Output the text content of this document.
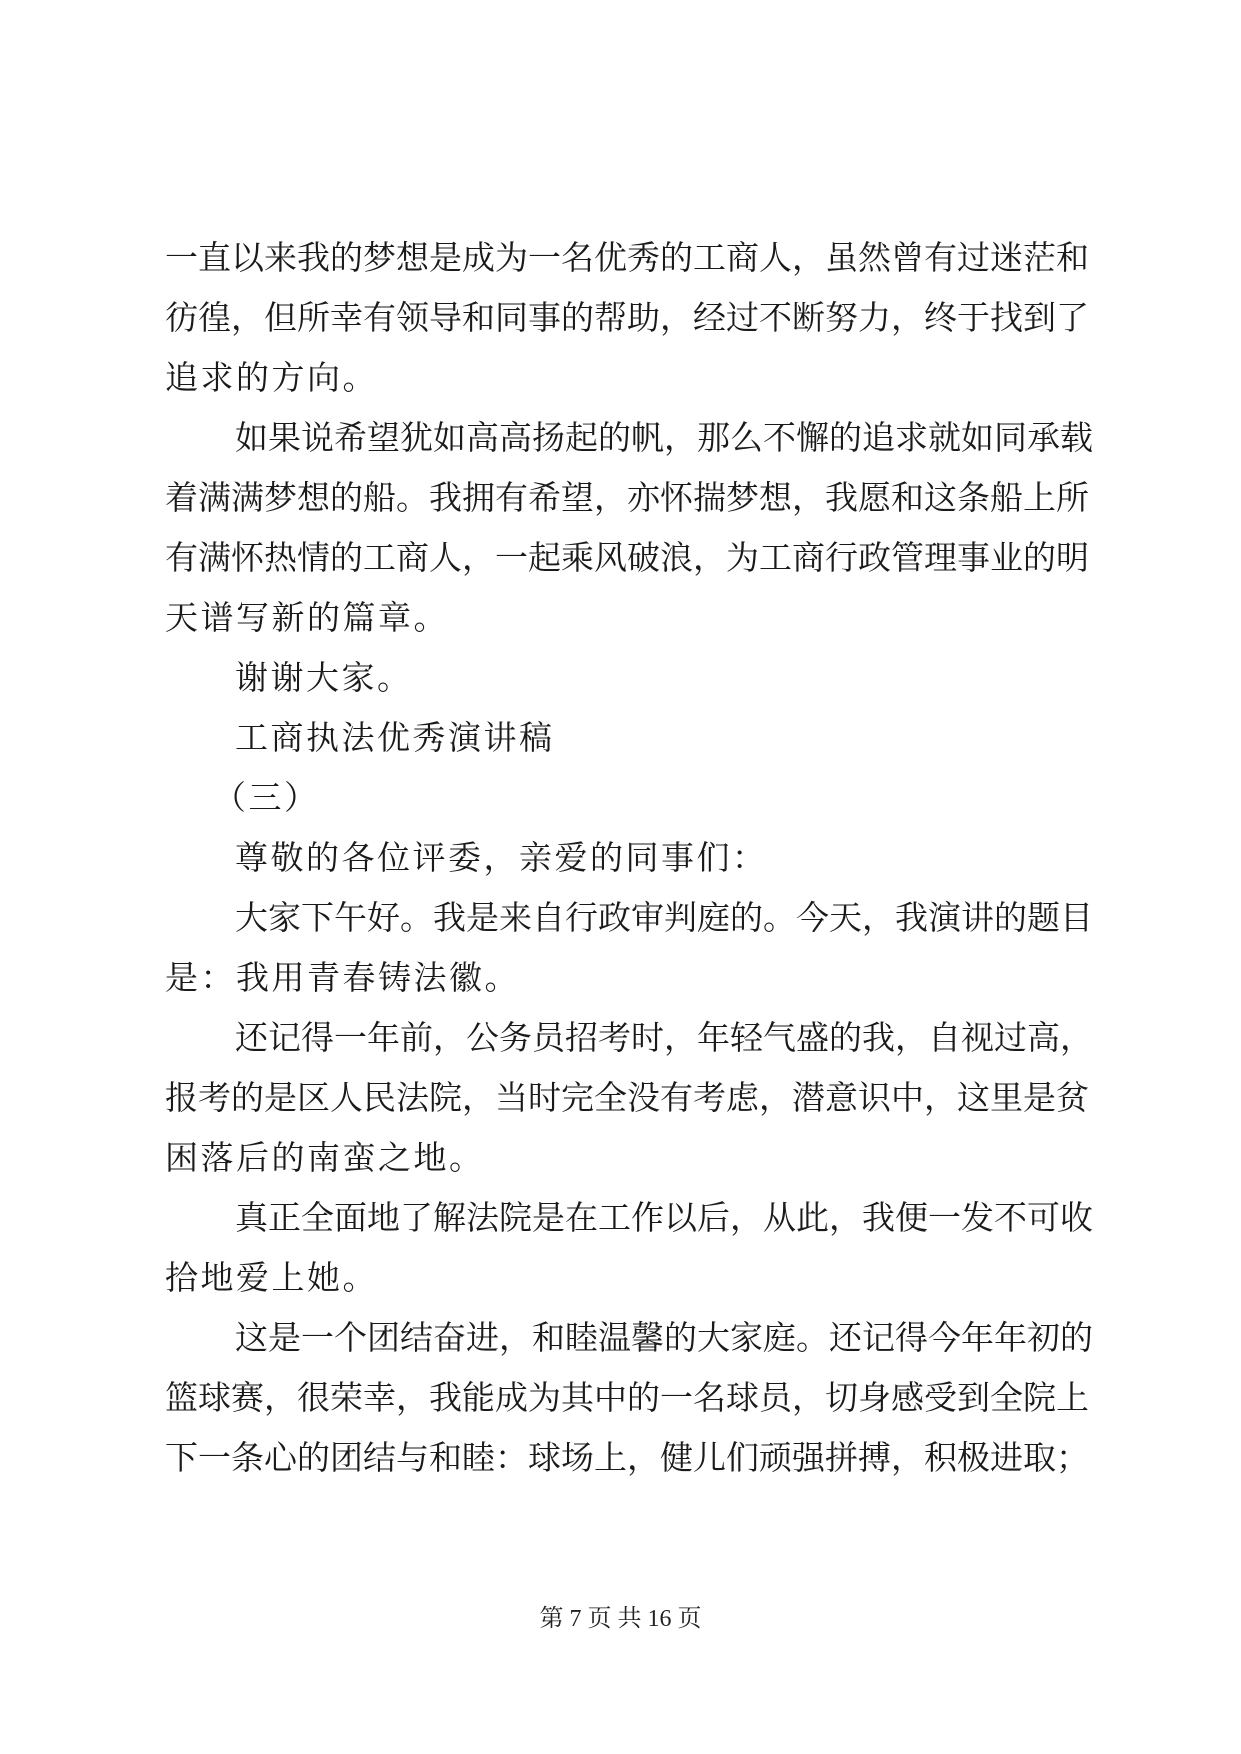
一直以来我的梦想是成为一名优秀的工商人，虽然曾有过迷茫和
彷徨，但所幸有领导和同事的帮助，经过不断努力，终于找到了
追求的方向。
如果说希望犹如高高扬起的帆，那么不懈的追求就如同承载
着满满梦想的船。我拥有希望，亦怀揣梦想，我愿和这条船上所
有满怀热情的工商人，一起乘风破浪，为工商行政管理事业的明
天谱写新的篇章。
谢谢大家。
工商执法优秀演讲稿
（三）
尊敬的各位评委，亲爱的同事们：
大家下午好。我是来自行政审判庭的。今天，我演讲的题目
是：我用青春铸法徽。
还记得一年前，公务员招考时，年轻气盛的我，自视过高，
报考的是区人民法院，当时完全没有考虑，潜意识中，这里是贫
困落后的南蛮之地。
真正全面地了解法院是在工作以后，从此，我便一发不可收
拾地爱上她。
这是一个团结奋进，和睦温馨的大家庭。还记得今年年初的
篮球赛，很荣幸，我能成为其中的一名球员，切身感受到全院上
下一条心的团结与和睦：球场上，健儿们顽强拼搏，积极进取；
第 7 页 共 16 页
